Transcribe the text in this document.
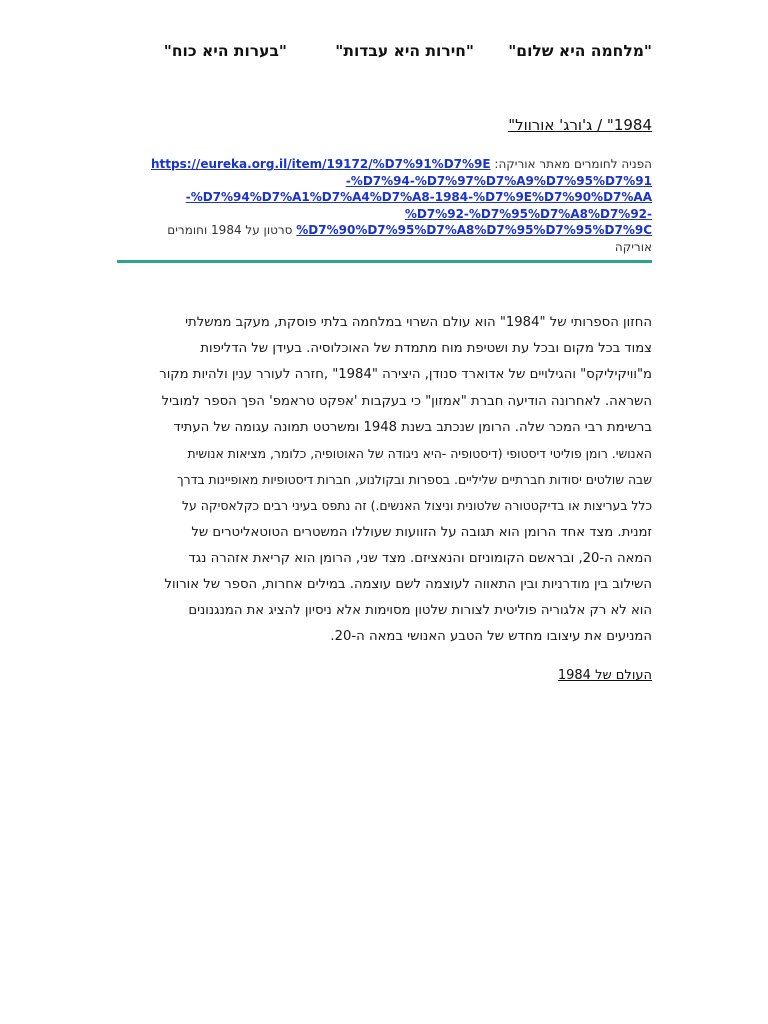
"מלחמה היא שלום"
"חירות היא עבדות"
"בערות היא כוח"
1984" / ג'ורג' אורוול"
הפניה לחומרים מאתר אוריקה: https://eureka.org.il/item/19172/%D7%91%D7%9E
-%D7%94-%D7%97%D7%A9%D7%95%D7%91
-%D7%94%D7%A1%D7%A4%D7%A8-1984-%D7%9E%D7%90%D7%AA
%D7%92-%D7%95%D7%A8%D7%92-
%D7%90%D7%95%D7%A8%D7%95%D7%95%D7%9C סרטון על 1984 וחומרים
אוריקה
החזון הספרותי של "1984" הוא עולם השרוי במלחמה בלתי פוסקת, מעקב ממשלתי
צמוד בכל מקום ובכל עת ושטיפת מוח מתמדת של האוכלוסיה. בעידן של הדליפות
מ"וויקיליקס" והגילויים של אדוארד סנודן, היצירה "1984" ,חזרה לעורר ענין ולהיות מקור
השראה. לאחרונה הודיעה חברת "אמזון" כי בעקבות 'אפקט טראמפ' הפך הספר למוביל
ברשימת רבי המכר שלה. הרומן שנכתב בשנת 1948 ומשרטט תמונה עגומה של העתיד
האנושי. רומן פוליטי דיסטופי (דיסטופיה -היא ניגודה של האוטופיה, כלומר, מציאות אנושית
שבה שולטים יסודות חברתיים שליליים. בספרות ובקולנוע, חברות דיסטופיות מאופיינות בדרך
כלל בעריצות או בדיקטטורה שלטונית וניצול האנשים.) זה נתפס בעיני רבים כקלאסיקה על
זמנית. מצד אחד הרומן הוא תגובה על הזוועות שעוללו המשטרים הטוטאליטרים של
המאה ה-20, ובראשם הקומוניזם והנאציזם. מצד שני, הרומן הוא קריאת אזהרה נגד
השילוב בין מודרניות ובין התאווה לעוצמה לשם עוצמה. במילים אחרות, הספר של אורוול
הוא לא רק אלגוריה פוליטית לצורות שלטון מסוימות אלא ניסיון להציג את המנגנונים
המניעים את עיצובו מחדש של הטבע האנושי במאה ה-20.
העולם של 1984
